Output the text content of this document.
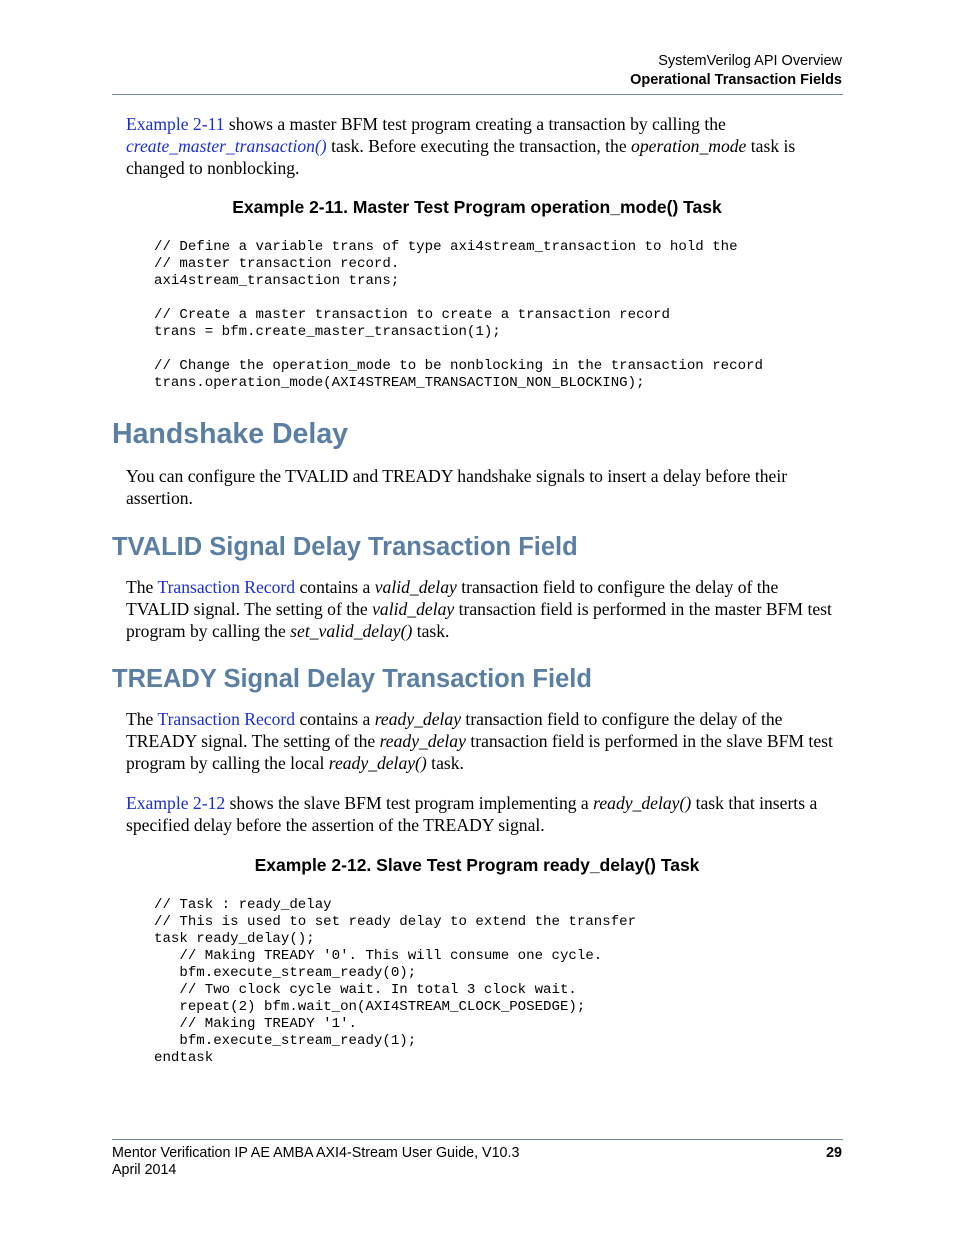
SystemVerilog API Overview
Operational Transaction Fields
Example 2-11 shows a master BFM test program creating a transaction by calling the create_master_transaction() task. Before executing the transaction, the operation_mode task is changed to nonblocking.
Example 2-11. Master Test Program operation_mode() Task
// Define a variable trans of type axi4stream_transaction to hold the
// master transaction record.
axi4stream_transaction trans;

// Create a master transaction to create a transaction record
trans = bfm.create_master_transaction(1);

// Change the operation_mode to be nonblocking in the transaction record
trans.operation_mode(AXI4STREAM_TRANSACTION_NON_BLOCKING);
Handshake Delay
You can configure the TVALID and TREADY handshake signals to insert a delay before their assertion.
TVALID Signal Delay Transaction Field
The Transaction Record contains a valid_delay transaction field to configure the delay of the TVALID signal. The setting of the valid_delay transaction field is performed in the master BFM test program by calling the set_valid_delay() task.
TREADY Signal Delay Transaction Field
The Transaction Record contains a ready_delay transaction field to configure the delay of the TREADY signal. The setting of the ready_delay transaction field is performed in the slave BFM test program by calling the local ready_delay() task.
Example 2-12 shows the slave BFM test program implementing a ready_delay() task that inserts a specified delay before the assertion of the TREADY signal.
Example 2-12. Slave Test Program ready_delay() Task
// Task : ready_delay
// This is used to set ready delay to extend the transfer
task ready_delay();
// Making TREADY '0'. This will consume one cycle.
bfm.execute_stream_ready(0);
// Two clock cycle wait. In total 3 clock wait.
repeat(2) bfm.wait_on(AXI4STREAM_CLOCK_POSEDGE);
// Making TREADY '1'.
bfm.execute_stream_ready(1);
endtask
Mentor Verification IP AE AMBA AXI4-Stream User Guide, V10.3
April 2014
29
